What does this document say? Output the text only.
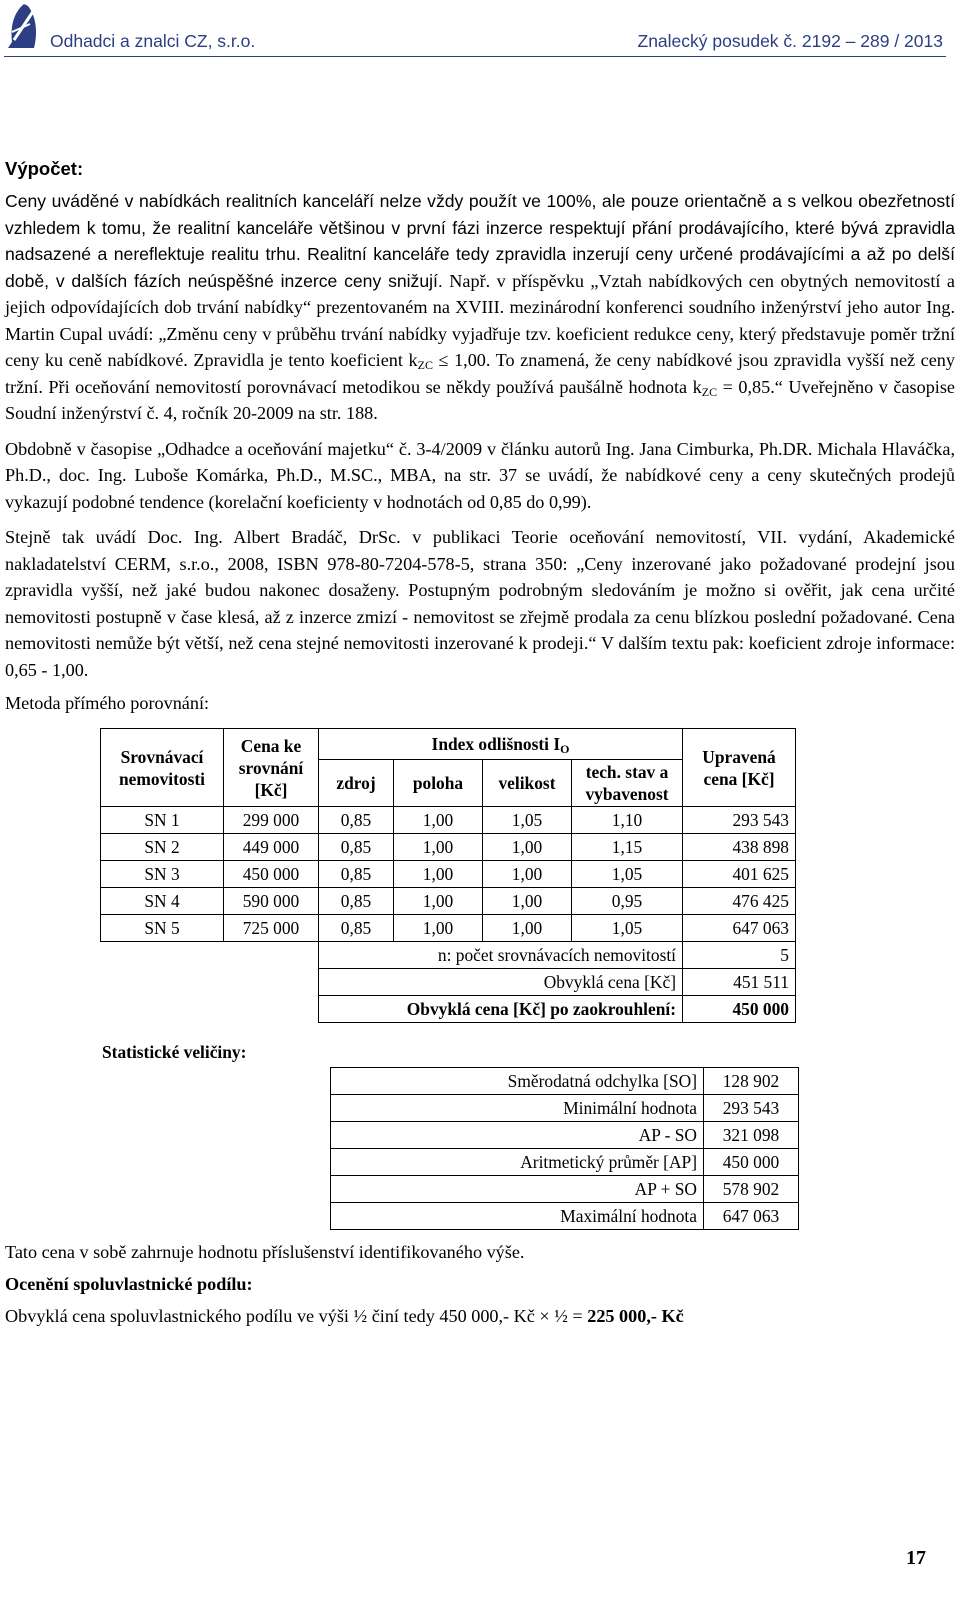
Odhadci a znalci CZ, s.r.o.	Znalecký posudek č. 2192 – 289 / 2013
Výpočet:

Ceny uváděné v nabídkách realitních kanceláří nelze vždy použít ve 100%, ale pouze orientačně a s velkou obezřetností vzhledem k tomu, že realitní kanceláře většinou v první fázi inzerce respektují přání prodávajícího, které bývá zpravidla nadsazené a nereflektuje realitu trhu. Realitní kanceláře tedy zpravidla inzerují ceny určené prodávajícími a až po delší době, v dalších fázích neúspěšné inzerce ceny snižují. Např. v příspěvku „Vztah nabídkových cen obytných nemovitostí a jejich odpovídajících dob trvání nabídky“ prezentovaném na XVIII. mezinárodní konferenci soudního inženýrství jeho autor Ing. Martin Cupal uvádí: „Změnu ceny v průběhu trvání nabídky vyjadřuje tzv. koeficient redukce ceny, který představuje poměr tržní ceny ku ceně nabídkové. Zpravidla je tento koeficient $k_{ZC} \le 1,00$. To znamená, že ceny nabídkové jsou zpravidla vyšší než ceny tržní. Při oceňování nemovitostí porovnávací metodikou se někdy používá paušálně hodnota $k_{ZC}$ = 0,85.“ Uveřejněno v časopise Soudní inženýrství č. 4, ročník 20-2009 na str. 188.

Obdobně v časopise „Odhadce a oceňování majetku“ č. 3-4/2009 v článku autorů Ing. Jana Cimburka, Ph.DR. Michala Hlaváčka, Ph.D., doc. Ing. Luboše Komárka, Ph.D., M.SC., MBA, na str. 37 se uvádí, že nabídkové ceny a ceny skutečných prodejů vykazují podobné tendence (korelační koeficienty v hodnotách od 0,85 do 0,99).

Stejně tak uvádí Doc. Ing. Albert Bradáč, DrSc. v publikaci Teorie oceňování nemovitostí, VII. vydání, Akademické nakladatelství CERM, s.r.o., 2008, ISBN 978-80-7204-578-5, strana 350: „Ceny inzerované jako požadované prodejní jsou zpravidla vyšší, než jaké budou nakonec dosaženy. Postupným podrobným sledováním je možno si ověřit, jak cena určité nemovitosti postupně v čase klesá, až z inzerce zmizí - nemovitost se zřejmě prodala za cenu blízkou poslední požadované. Cena nemovitosti nemůže být větší, než cena stejné nemovitosti inzerované k prodeji.“ V dalším textu pak: koeficient zdroje informace: 0,65 - 1,00.

Metoda přímého porovnání:
Srovnávací nemovitosti	Cena ke srovnání [Kč]	Index odlišnosti $I_O$				Upravená cena [Kč]
		zdroj	poloha	velikost	tech. stav a vybavenost	
SN 1	299 000	0,85	1,00	1,05	1,10	293 543
SN 2	449 000	0,85	1,00	1,00	1,15	438 898
SN 3	450 000	0,85	1,00	1,00	1,05	401 625
SN 4	590 000	0,85	1,00	1,00	0,95	476 425
SN 5	725 000	0,85	1,00	1,00	1,05	647 063
		n: počet srovnávacích nemovitostí				5
		Obvyklá cena [Kč]				451 511
		Obvyklá cena [Kč] po zaokrouhlení:				450 000
Statistické veličiny:
Směrodatná odchylka [SO]	128 902
Minimální hodnota	293 543
AP - SO	321 098
Aritmetický průměr [AP]	450 000
AP + SO	578 902
Maximální hodnota	647 063

Tato cena v sobě zahrnuje hodnotu příslušenství identifikovaného výše.

Ocenění spoluvlastnické podílu:

Obvyklá cena spoluvlastnického podílu ve výši ½ činí tedy 450 000,- Kč × ½ = 225 000,- Kč

17
